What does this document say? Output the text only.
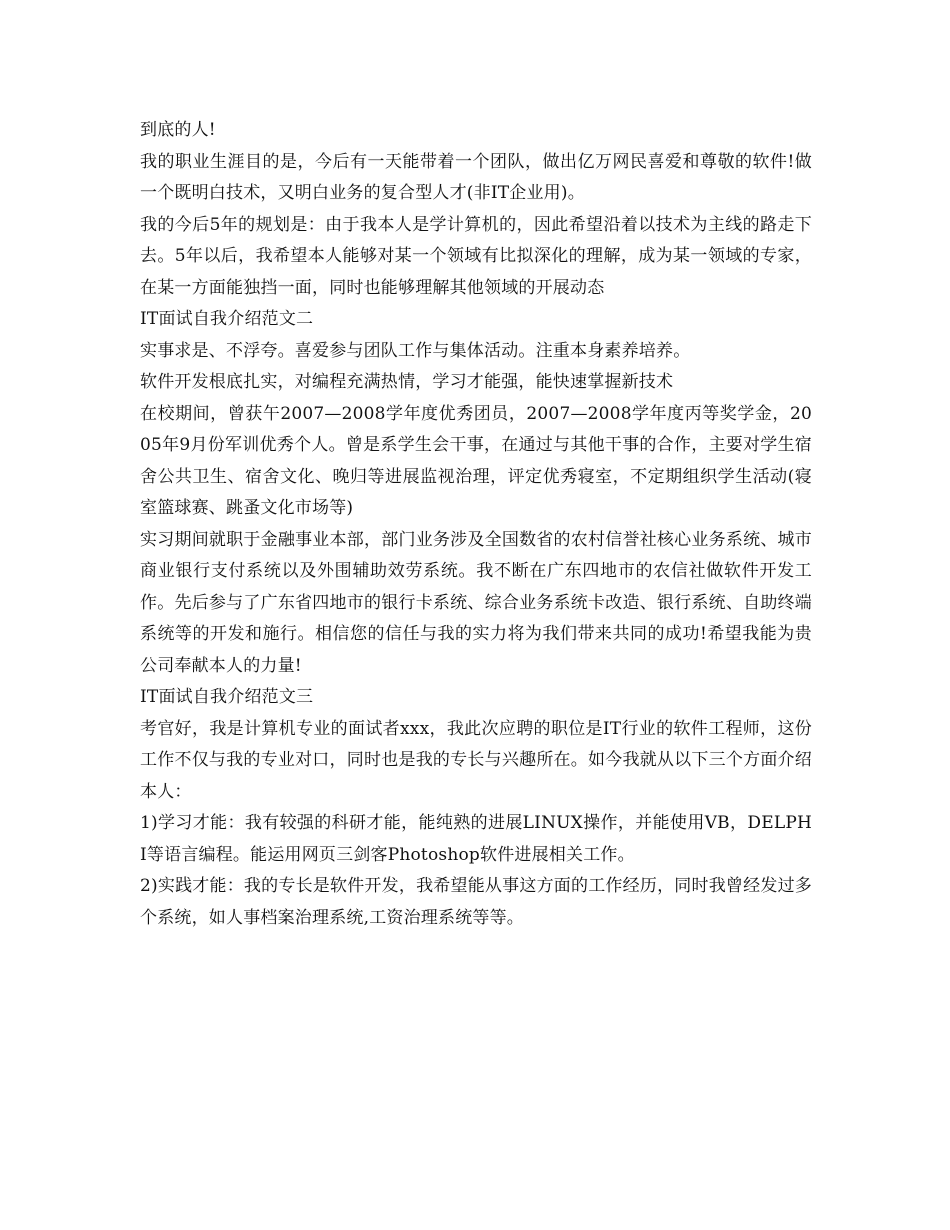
到底的人!

我的职业生涯目的是，今后有一天能带着一个团队，做出亿万网民喜爱和尊敬的软件!做一个既明白技术，又明白业务的复合型人才(非IT企业用)。

我的今后5年的规划是：由于我本人是学计算机的，因此希望沿着以技术为主线的路走下去。5年以后，我希望本人能够对某一个领域有比拟深化的理解，成为某一领域的专家，在某一方面能独挡一面，同时也能够理解其他领域的开展动态

IT面试自我介绍范文二

实事求是、不浮夸。喜爱参与团队工作与集体活动。注重本身素养培养。

软件开发根底扎实，对编程充满热情，学习才能强，能快速掌握新技术

在校期间，曾获午2007—2008学年度优秀团员，2007—2008学年度丙等奖学金，2005年9月份军训优秀个人。曾是系学生会干事，在通过与其他干事的合作，主要对学生宿舍公共卫生、宿舍文化、晚归等进展监视治理，评定优秀寝室，不定期组织学生活动(寝室篮球赛、跳蚤文化市场等)

实习期间就职于金融事业本部，部门业务涉及全国数省的农村信誉社核心业务系统、城市商业银行支付系统以及外围辅助效劳系统。我不断在广东四地市的农信社做软件开发工作。先后参与了广东省四地市的银行卡系统、综合业务系统卡改造、银行系统、自助终端系统等的开发和施行。相信您的信任与我的实力将为我们带来共同的成功!希望我能为贵公司奉献本人的力量!

IT面试自我介绍范文三

考官好，我是计算机专业的面试者xxx，我此次应聘的职位是IT行业的软件工程师，这份工作不仅与我的专业对口，同时也是我的专长与兴趣所在。如今我就从以下三个方面介绍本人：

1)学习才能：我有较强的科研才能，能纯熟的进展LINUX操作，并能使用VB，DELPHI等语言编程。能运用网页三剑客Photoshop软件进展相关工作。

2)实践才能：我的专长是软件开发，我希望能从事这方面的工作经历，同时我曾经发过多个系统，如人事档案治理系统,工资治理系统等等。
